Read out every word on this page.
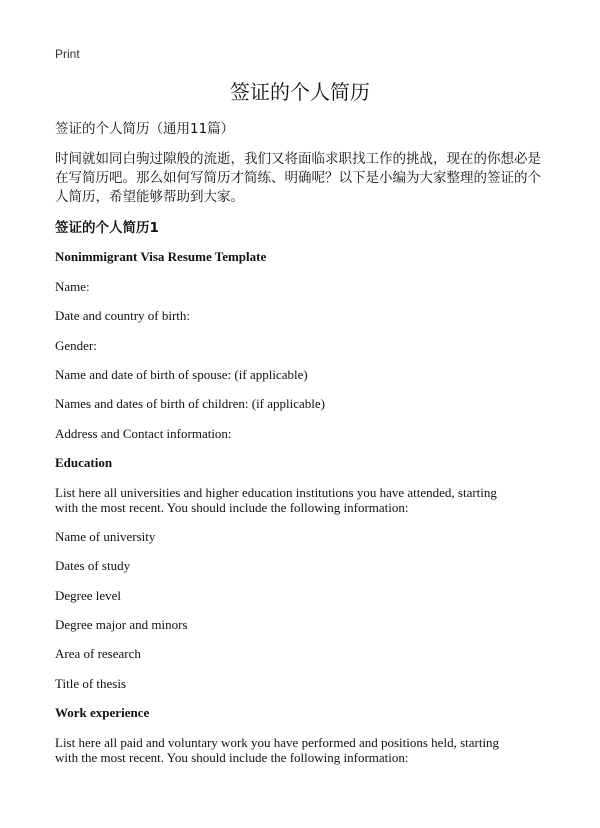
Print
签证的个人简历
签证的个人简历（通用11篇）
时间就如同白驹过隙般的流逝，我们又将面临求职找工作的挑战，现在的你想必是
在写简历吧。那么如何写简历才简练、明确呢？以下是小编为大家整理的签证的个
人简历，希望能够帮助到大家。
签证的个人简历1
Nonimmigrant Visa Resume Template
Name:
Date and country of birth:
Gender:
Name and date of birth of spouse: (if applicable)
Names and dates of birth of children: (if applicable)
Address and Contact information:
Education
List here all universities and higher education institutions you have attended, starting
with the most recent. You should include the following information:
Name of university
Dates of study
Degree level
Degree major and minors
Area of research
Title of thesis
Work experience
List here all paid and voluntary work you have performed and positions held, starting
with the most recent. You should include the following information:
